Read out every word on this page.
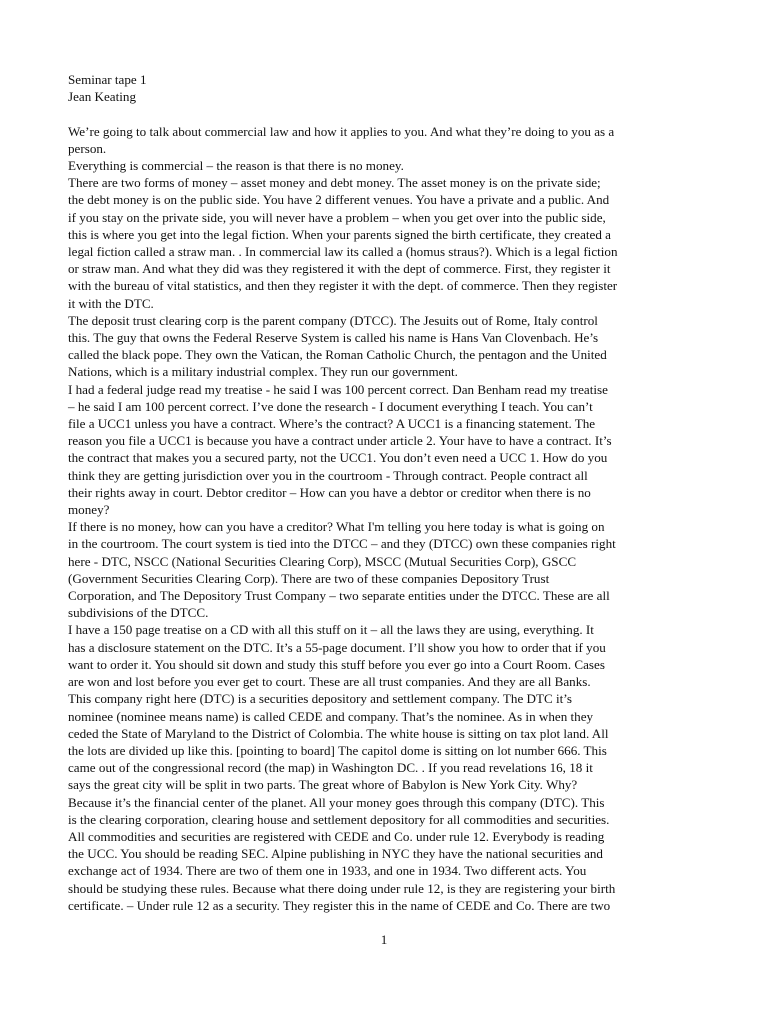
Seminar tape 1
Jean Keating
We’re going to talk about commercial law and how it applies to you. And what they’re doing to you as a
person.
Everything is commercial – the reason is that there is no money.
There are two forms of money – asset money and debt money. The asset money is on the private side;
the debt money is on the public side. You have 2 different venues. You have a private and a public. And
if you stay on the private side, you will never have a problem – when you get over into the public side,
this is where you get into the legal fiction. When your parents signed the birth certificate, they created a
legal fiction called a straw man. . In commercial law its called a (homus straus?). Which is a legal fiction
or straw man. And what they did was they registered it with the dept of commerce. First, they register it
with the bureau of vital statistics, and then they register it with the dept. of commerce. Then they register
it with the DTC.
The deposit trust clearing corp is the parent company (DTCC). The Jesuits out of Rome, Italy control
this. The guy that owns the Federal Reserve System is called his name is Hans Van Clovenbach. He’s
called the black pope. They own the Vatican, the Roman Catholic Church, the pentagon and the United
Nations, which is a military industrial complex. They run our government.
I had a federal judge read my treatise - he said I was 100 percent correct. Dan Benham read my treatise
– he said I am 100 percent correct. I’ve done the research - I document everything I teach. You can’t
file a UCC1 unless you have a contract. Where’s the contract? A UCC1 is a financing statement. The
reason you file a UCC1 is because you have a contract under article 2. Your have to have a contract. It’s
the contract that makes you a secured party, not the UCC1. You don’t even need a UCC 1. How do you
think they are getting jurisdiction over you in the courtroom - Through contract. People contract all
their rights away in court. Debtor creditor – How can you have a debtor or creditor when there is no
money?
If there is no money, how can you have a creditor? What I'm telling you here today is what is going on
in the courtroom. The court system is tied into the DTCC – and they (DTCC) own these companies right
here - DTC, NSCC (National Securities Clearing Corp), MSCC (Mutual Securities Corp), GSCC
(Government Securities Clearing Corp). There are two of these companies Depository Trust
Corporation, and The Depository Trust Company – two separate entities under the DTCC. These are all
subdivisions of the DTCC.
I have a 150 page treatise on a CD with all this stuff on it – all the laws they are using, everything. It
has a disclosure statement on the DTC. It’s a 55-page document. I’ll show you how to order that if you
want to order it. You should sit down and study this stuff before you ever go into a Court Room. Cases
are won and lost before you ever get to court. These are all trust companies. And they are all Banks.
This company right here (DTC) is a securities depository and settlement company. The DTC it’s
nominee (nominee means name) is called CEDE and company. That’s the nominee. As in when they
ceded the State of Maryland to the District of Colombia. The white house is sitting on tax plot land. All
the lots are divided up like this. [pointing to board] The capitol dome is sitting on lot number 666. This
came out of the congressional record (the map) in Washington DC. . If you read revelations 16, 18 it
says the great city will be split in two parts. The great whore of Babylon is New York City. Why?
Because it’s the financial center of the planet. All your money goes through this company (DTC). This
is the clearing corporation, clearing house and settlement depository for all commodities and securities.
All commodities and securities are registered with CEDE and Co. under rule 12. Everybody is reading
the UCC. You should be reading SEC. Alpine publishing in NYC they have the national securities and
exchange act of 1934. There are two of them one in 1933, and one in 1934. Two different acts. You
should be studying these rules. Because what there doing under rule 12, is they are registering your birth
certificate. – Under rule 12 as a security. They register this in the name of CEDE and Co. There are two
1
